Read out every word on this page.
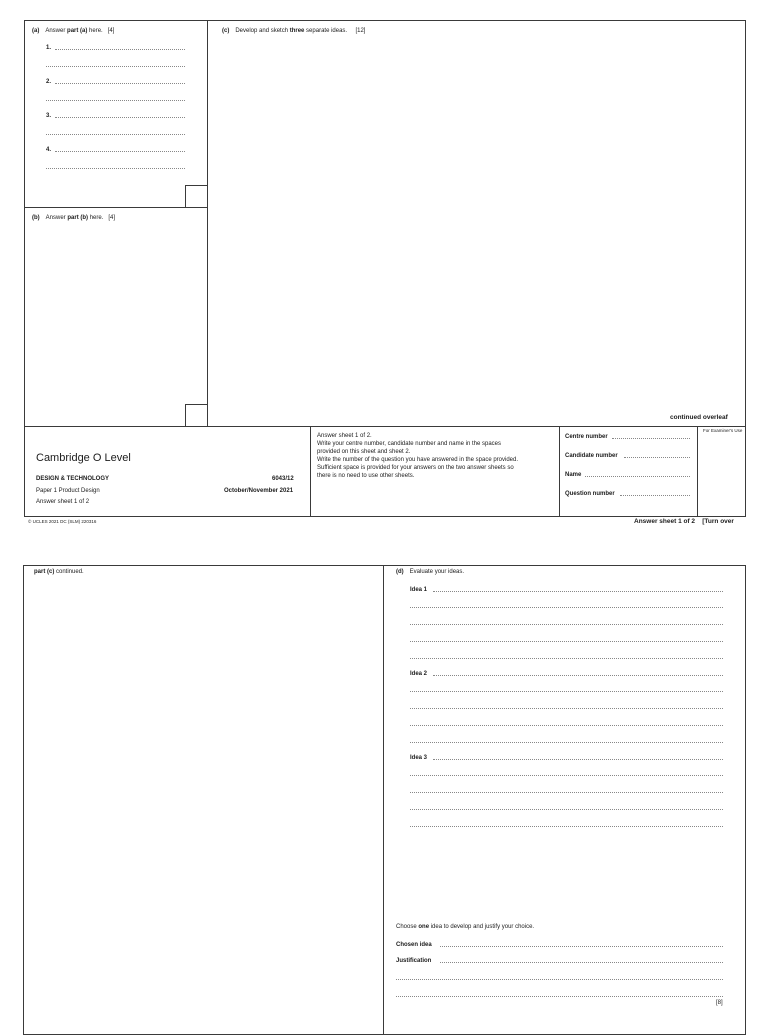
(a) Answer part (a) here. [4]
1.
2.
3.
4.
(b) Answer part (b) here. [4]
(c) Develop and sketch three separate ideas. [12]
continued overleaf
Cambridge O Level
DESIGN & TECHNOLOGY	6043/12
Paper 1 Product Design	October/November 2021
Answer sheet 1 of 2
Answer sheet 1 of 2.
Write your centre number, candidate number and name in the spaces
provided on this sheet and sheet 2.
Write the number of the question you have answered in the space provided.
Sufficient space is provided for your answers on the two answer sheets so
there is no need to use other sheets.
Centre number
Candidate number
Name
Question number
For Examiner's Use
© UCLES 2021 DC (SLM) 220316	Answer sheet 1 of 2    [Turn over
part (c) continued.	(d) Evaluate your ideas.
Idea 1
Idea 2
Idea 3
Choose one idea to develop and justify your choice.
Chosen idea
Justification
[8]
